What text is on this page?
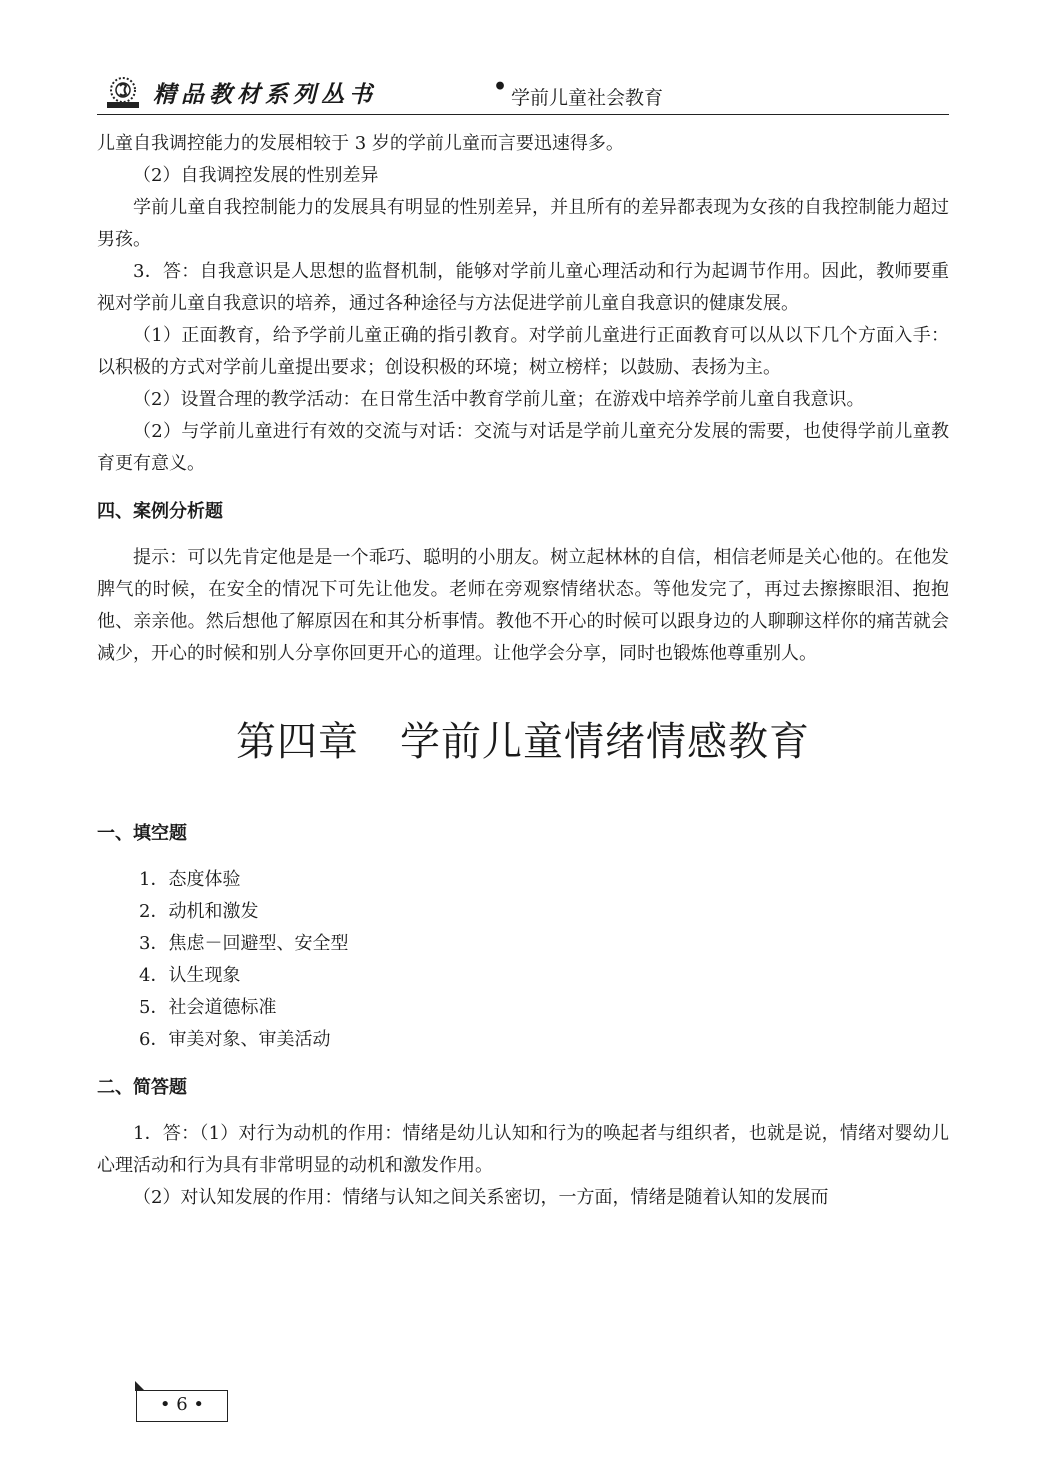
精品教材系列丛书	• 学前儿童社会教育

儿童自我调控能力的发展相较于 3 岁的学前儿童而言要迅速得多。

（2）自我调控发展的性别差异

学前儿童自我控制能力的发展具有明显的性别差异，并且所有的差异都表现为女孩的自我控制能力超过男孩。

3．答：自我意识是人思想的监督机制，能够对学前儿童心理活动和行为起调节作用。因此，教师要重视对学前儿童自我意识的培养，通过各种途径与方法促进学前儿童自我意识的健康发展。

（1）正面教育，给予学前儿童正确的指引教育。对学前儿童进行正面教育可以从以下几个方面入手：以积极的方式对学前儿童提出要求；创设积极的环境；树立榜样；以鼓励、表扬为主。

（2）设置合理的教学活动：在日常生活中教育学前儿童；在游戏中培养学前儿童自我意识。

（2）与学前儿童进行有效的交流与对话：交流与对话是学前儿童充分发展的需要，也使得学前儿童教育更有意义。

四、案例分析题

提示：可以先肯定他是是一个乖巧、聪明的小朋友。树立起林林的自信，相信老师是关心他的。在他发脾气的时候，在安全的情况下可先让他发。老师在旁观察情绪状态。等他发完了，再过去擦擦眼泪、抱抱他、亲亲他。然后想他了解原因在和其分析事情。教他不开心的时候可以跟身边的人聊聊这样你的痛苦就会减少，开心的时候和别人分享你回更开心的道理。让他学会分享，同时也锻炼他尊重别人。

第四章　学前儿童情绪情感教育
一、填空题
1．态度体验
2．动机和激发
3．焦虑－回避型、安全型
4．认生现象
5．社会道德标准
6．审美对象、审美活动
二、简答题

1．答：（1）对行为动机的作用：情绪是幼儿认知和行为的唤起者与组织者，也就是说，情绪对婴幼儿心理活动和行为具有非常明显的动机和激发作用。

（2）对认知发展的作用：情绪与认知之间关系密切，一方面，情绪是随着认知的发展而

• 6 •
